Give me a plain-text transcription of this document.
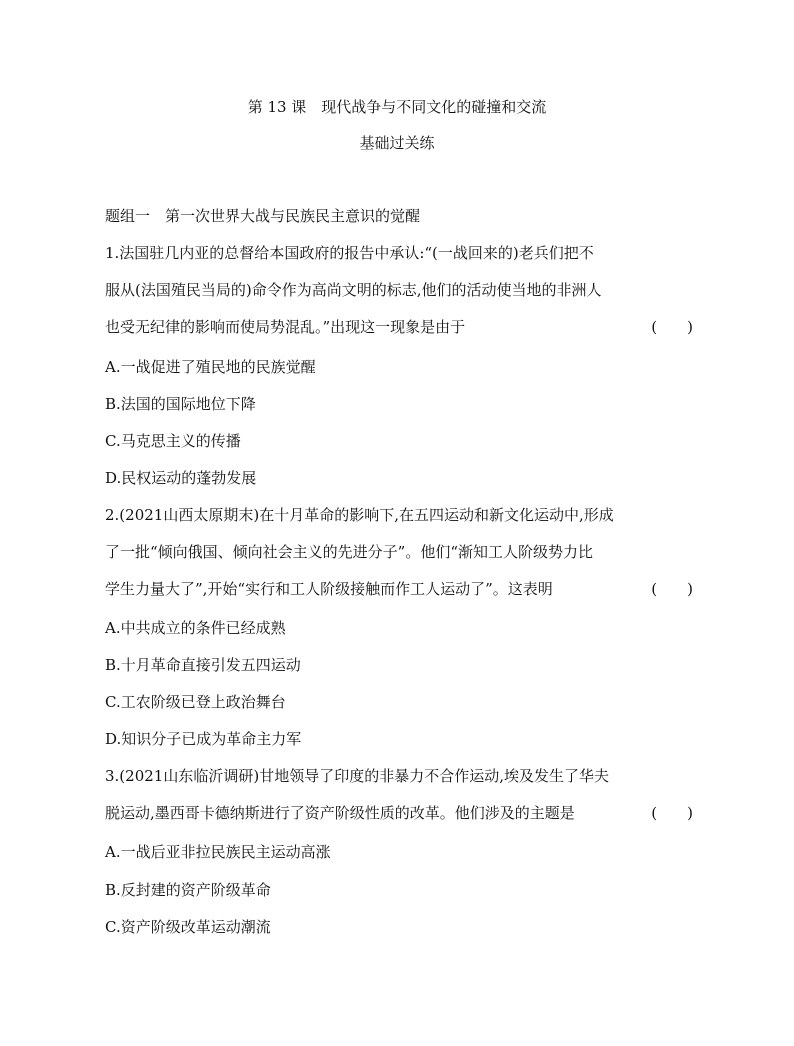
第 13 课　现代战争与不同文化的碰撞和交流
基础过关练
题组一　第一次世界大战与民族民主意识的觉醒
1.法国驻几内亚的总督给本国政府的报告中承认:“(一战回来的)老兵们把不
服从(法国殖民当局的)命令作为高尚文明的标志,他们的活动使当地的非洲人
也受无纪律的影响而使局势混乱。”出现这一现象是由于	(　　)
A.一战促进了殖民地的民族觉醒
B.法国的国际地位下降
C.马克思主义的传播
D.民权运动的蓬勃发展
2.(2021山西太原期末)在十月革命的影响下,在五四运动和新文化运动中,形成
了一批“倾向俄国、倾向社会主义的先进分子”。他们“渐知工人阶级势力比
学生力量大了”,开始“实行和工人阶级接触而作工人运动了”。这表明	(　　)
A.中共成立的条件已经成熟
B.十月革命直接引发五四运动
C.工农阶级已登上政治舞台
D.知识分子已成为革命主力军
3.(2021山东临沂调研)甘地领导了印度的非暴力不合作运动,埃及发生了华夫
脱运动,墨西哥卡德纳斯进行了资产阶级性质的改革。他们涉及的主题是	(　　)
A.一战后亚非拉民族民主运动高涨
B.反封建的资产阶级革命
C.资产阶级改革运动潮流
